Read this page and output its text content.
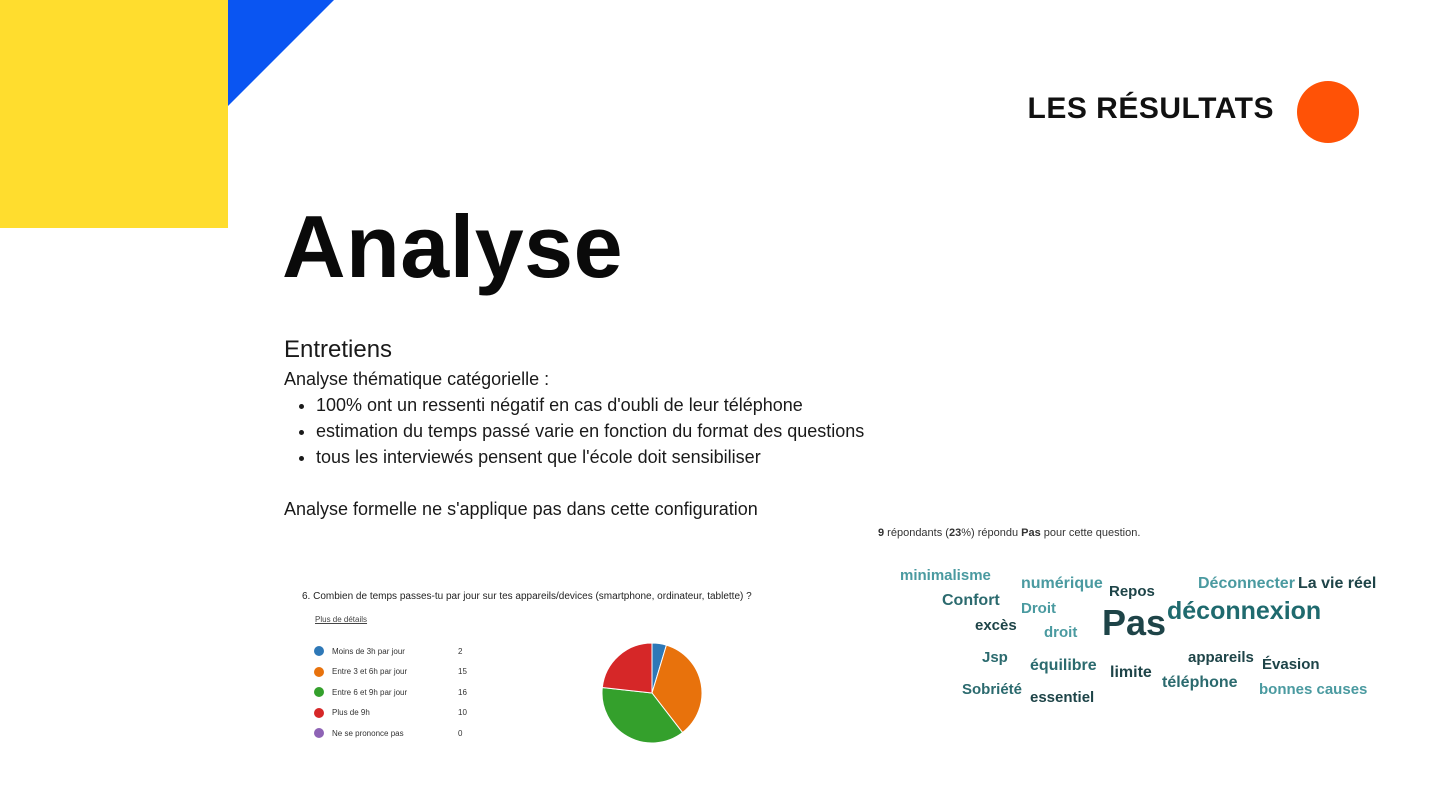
LES RÉSULTATS
Analyse
Entretiens
Analyse thématique catégorielle :
• 100% ont un ressenti négatif en cas d'oubli de leur téléphone
• estimation du temps passé varie en fonction du format des questions
• tous les interviewés pensent que l'école doit sensibiliser
Analyse formelle ne s'applique pas dans cette configuration
9 répondants (23%) répondu Pas pour cette question.
6. Combien de temps passes-tu par jour sur tes appareils/devices (smartphone, ordinateur, tablette) ?
Plus de détails
Moins de 3h par jour	2
Entre 3 et 6h par jour	15
Entre 6 et 9h par jour	16
Plus de 9h	10
Ne se prononce pas	0
minimalisme numérique Repos	Déconnecter La vie réel
Confort Droit	déconnexion
Pas
excès droit
Jsp équilibre	appareils Évasion
limite
téléphone
Sobriété	bonnes causes
essentiel
